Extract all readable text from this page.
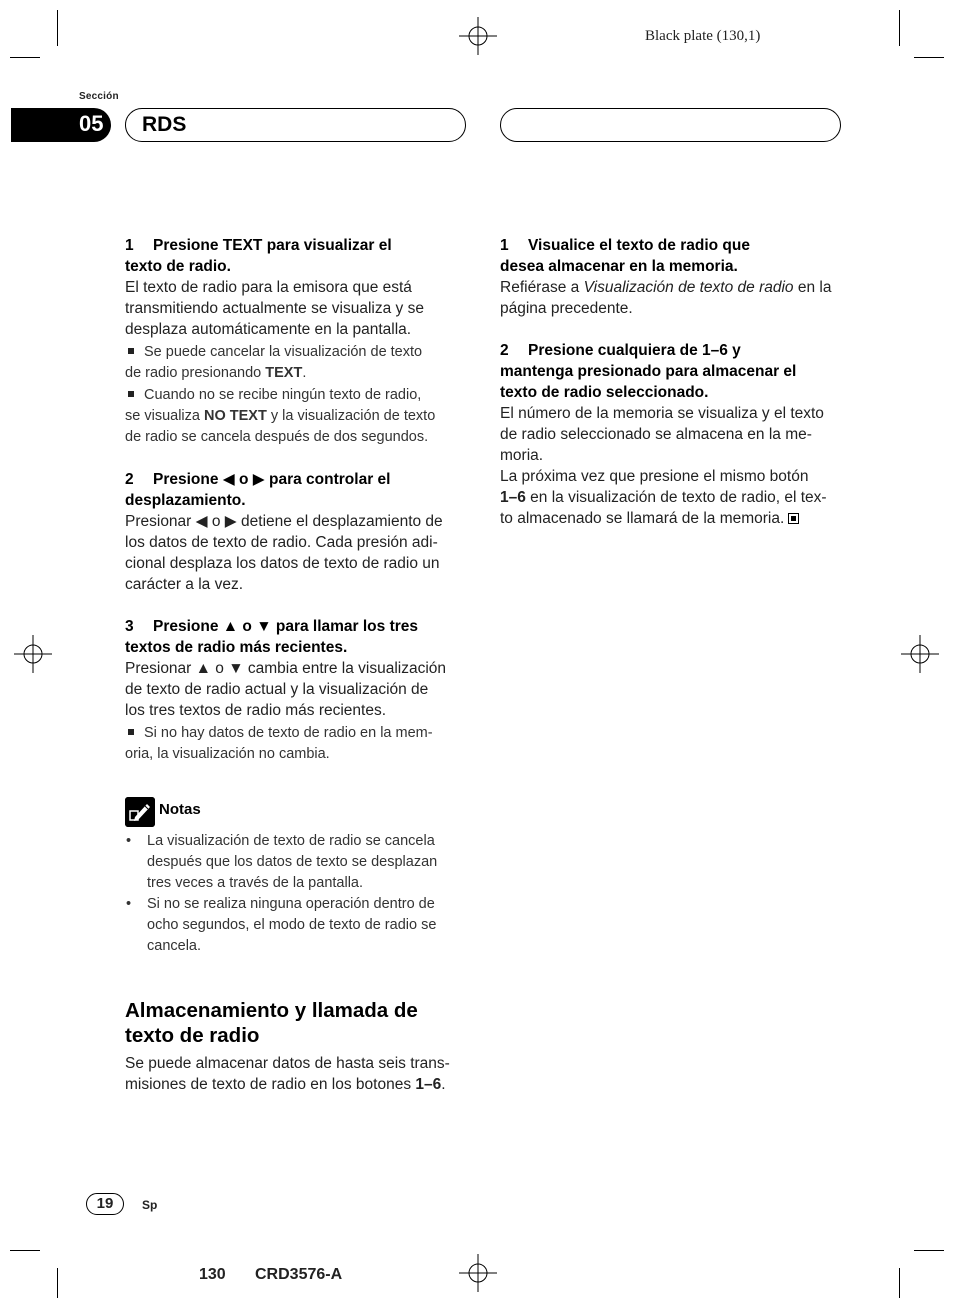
Black plate (130,1)
Sección
05 RDS

1 Presione TEXT para visualizar el

texto de radio.

El texto de radio para la emisora que está

transmitiendo actualmente se visualiza y se

desplaza automáticamente en la pantalla.

Se puede cancelar la visualización de texto

de radio presionando TEXT.

Cuando no se recibe ningún texto de radio,

se visualiza NO TEXT y la visualización de texto

de radio se cancela después de dos segundos.

2 Presione ◀ o ▶ para controlar el

desplazamiento.

Presionar ◀ o ▶ detiene el desplazamiento de

los datos de texto de radio. Cada presión adi-

cional desplaza los datos de texto de radio un

carácter a la vez.

3 Presione ▲ o ▼ para llamar los tres

textos de radio más recientes.

Presionar ▲ o ▼ cambia entre la visualización

de texto de radio actual y la visualización de

los tres textos de radio más recientes.

Si no hay datos de texto de radio en la mem-

oria, la visualización no cambia.

Notas
• La visualización de texto de radio se cancela

después que los datos de texto se desplazan

tres veces a través de la pantalla.

• Si no se realiza ninguna operación dentro de

ocho segundos, el modo de texto de radio se

cancela.

Almacenamiento y llamada de
texto de radio

Se puede almacenar datos de hasta seis trans-

misiones de texto de radio en los botones 1–6.

1 Visualice el texto de radio que

desea almacenar en la memoria.

Refiérase a Visualización de texto de radio en la

página precedente.

2 Presione cualquiera de 1–6 y

mantenga presionado para almacenar el

texto de radio seleccionado.

El número de la memoria se visualiza y el texto

de radio seleccionado se almacena en la me-

moria.

La próxima vez que presione el mismo botón

1–6 en la visualización de texto de radio, el tex-

to almacenado se llamará de la memoria.

19	Sp
130 CRD3576-A
